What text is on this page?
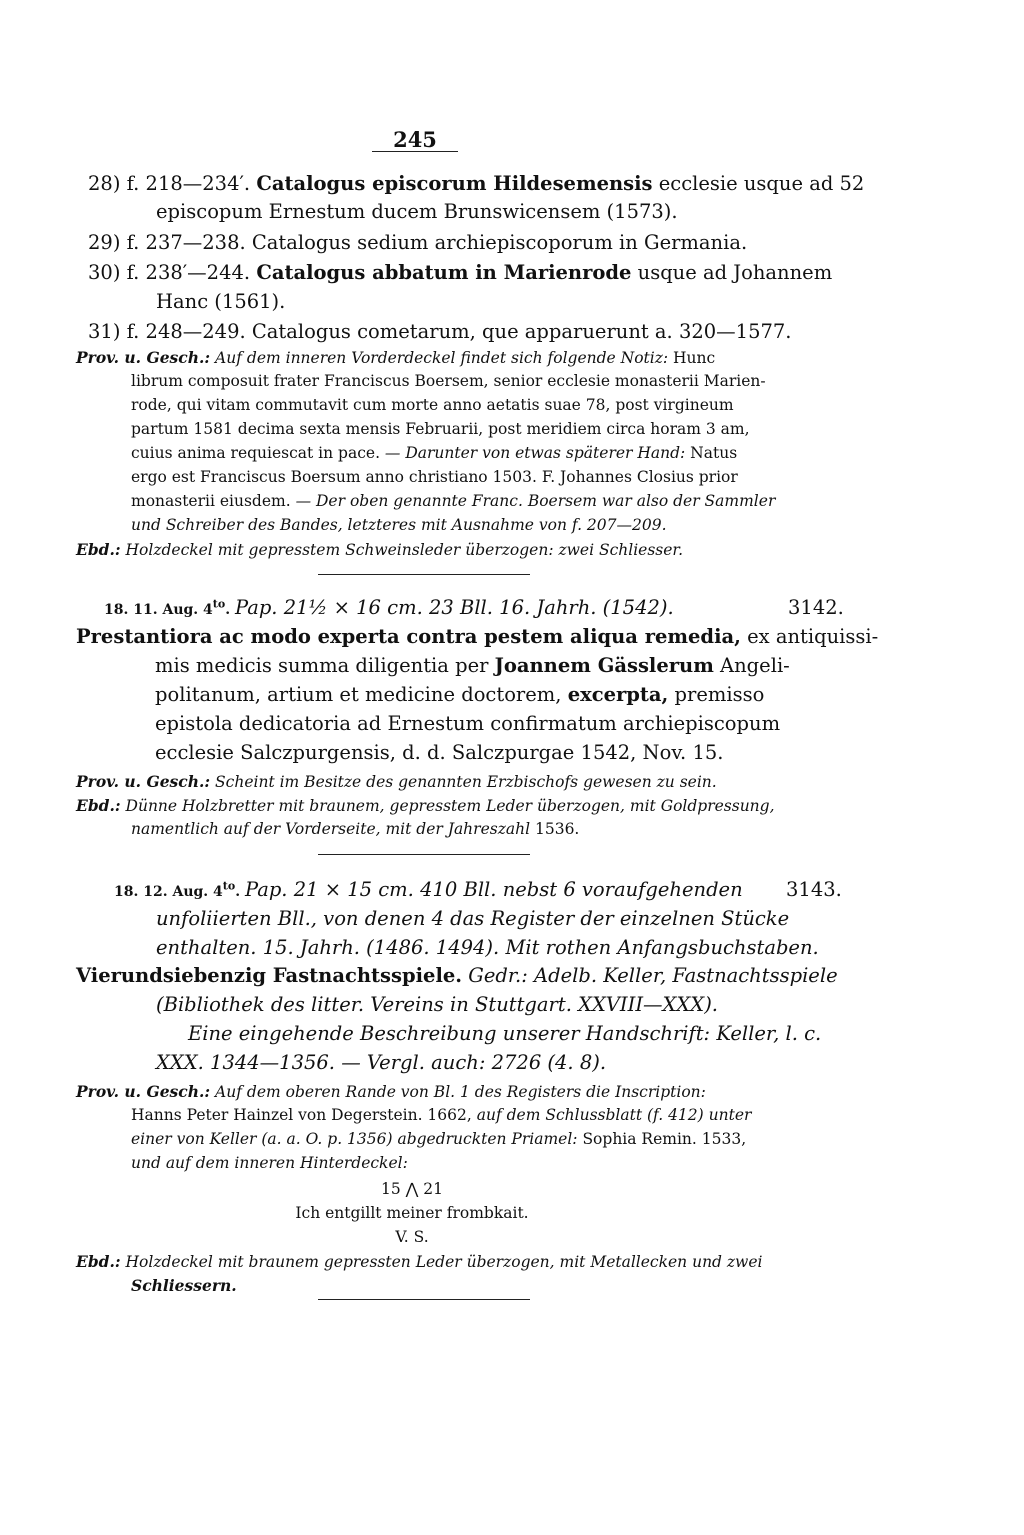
245
28) f. 218—234′. Catalogus episcorum Hildesemensis ecclesie usque ad 52
episcopum Ernestum ducem Brunswicensem (1573).
29) f. 237—238. Catalogus sedium archiepiscoporum in Germania.
30) f. 238′—244. Catalogus abbatum in Marienrode usque ad Johannem
Hanc (1561).
31) f. 248—249. Catalogus cometarum, que apparuerunt a. 320—1577.
Prov. u. Gesch.: Auf dem inneren Vorderdeckel findet sich folgende Notiz: Hunc
librum composuit frater Franciscus Boersem, senior ecclesie monasterii Marien-
rode, qui vitam commutavit cum morte anno aetatis suae 78, post virgineum
partum 1581 decima sexta mensis Februarii, post meridiem circa horam 3 am,
cuius anima requiescat in pace. — Darunter von etwas späterer Hand: Natus
ergo est Franciscus Boersum anno christiano 1503. F. Johannes Closius prior
monasterii eiusdem. — Der oben genannte Franc. Boersem war also der Sammler
und Schreiber des Bandes, letzteres mit Ausnahme von f. 207—209.
Ebd.: Holzdeckel mit gepresstem Schweinsleder überzogen: zwei Schliesser.
18. 11. Aug. $4^{to}$. Pap. 21½ × 16 cm. 23 Bll. 16. Jahrh. (1542).	3142.
Prestantiora ac modo experta contra pestem aliqua remedia, ex antiquissi-
mis medicis summa diligentia per Joannem Gässlerum Angeli-
politanum, artium et medicine doctorem, excerpta, premisso
epistola dedicatoria ad Ernestum confirmatum archiepiscopum
ecclesie Salczpurgensis, d. d. Salczpurgae 1542, Nov. 15.
Prov. u. Gesch.: Scheint im Besitze des genannten Erzbischofs gewesen zu sein.
Ebd.: Dünne Holzbretter mit braunem, gepresstem Leder überzogen, mit Goldpressung,
namentlich auf der Vorderseite, mit der Jahreszahl 1536.
18. 12. Aug. $4^{to}$. Pap. 21 × 15 cm. 410 Bll. nebst 6 voraufgehenden 3143.
unfoliierten Bll., von denen 4 das Register der einzelnen Stücke
enthalten. 15. Jahrh. (1486. 1494). Mit rothen Anfangsbuchstaben.
Vierundsiebenzig Fastnachtsspiele. Gedr.: Adelb. Keller, Fastnachtsspiele
(Bibliothek des litter. Vereins in Stuttgart. XXVIII—XXX).
Eine eingehende Beschreibung unserer Handschrift: Keller, l. c.
XXX. 1344—1356. — Vergl. auch: 2726 (4. 8).
Prov. u. Gesch.: Auf dem oberen Rande von Bl. 1 des Registers die Inscription:
Hanns Peter Hainzel von Degerstein. 1662, auf dem Schlussblatt (f. 412) unter
einer von Keller (a. a. O. p. 1356) abgedruckten Priamel: Sophia Remin. 1533,
und auf dem inneren Hinterdeckel:
15 ⋀ 21
Ich entgillt meiner frombkait.
V. S.
Ebd.: Holzdeckel mit braunem gepressten Leder überzogen, mit Metallecken und zwei
Schliessern.
